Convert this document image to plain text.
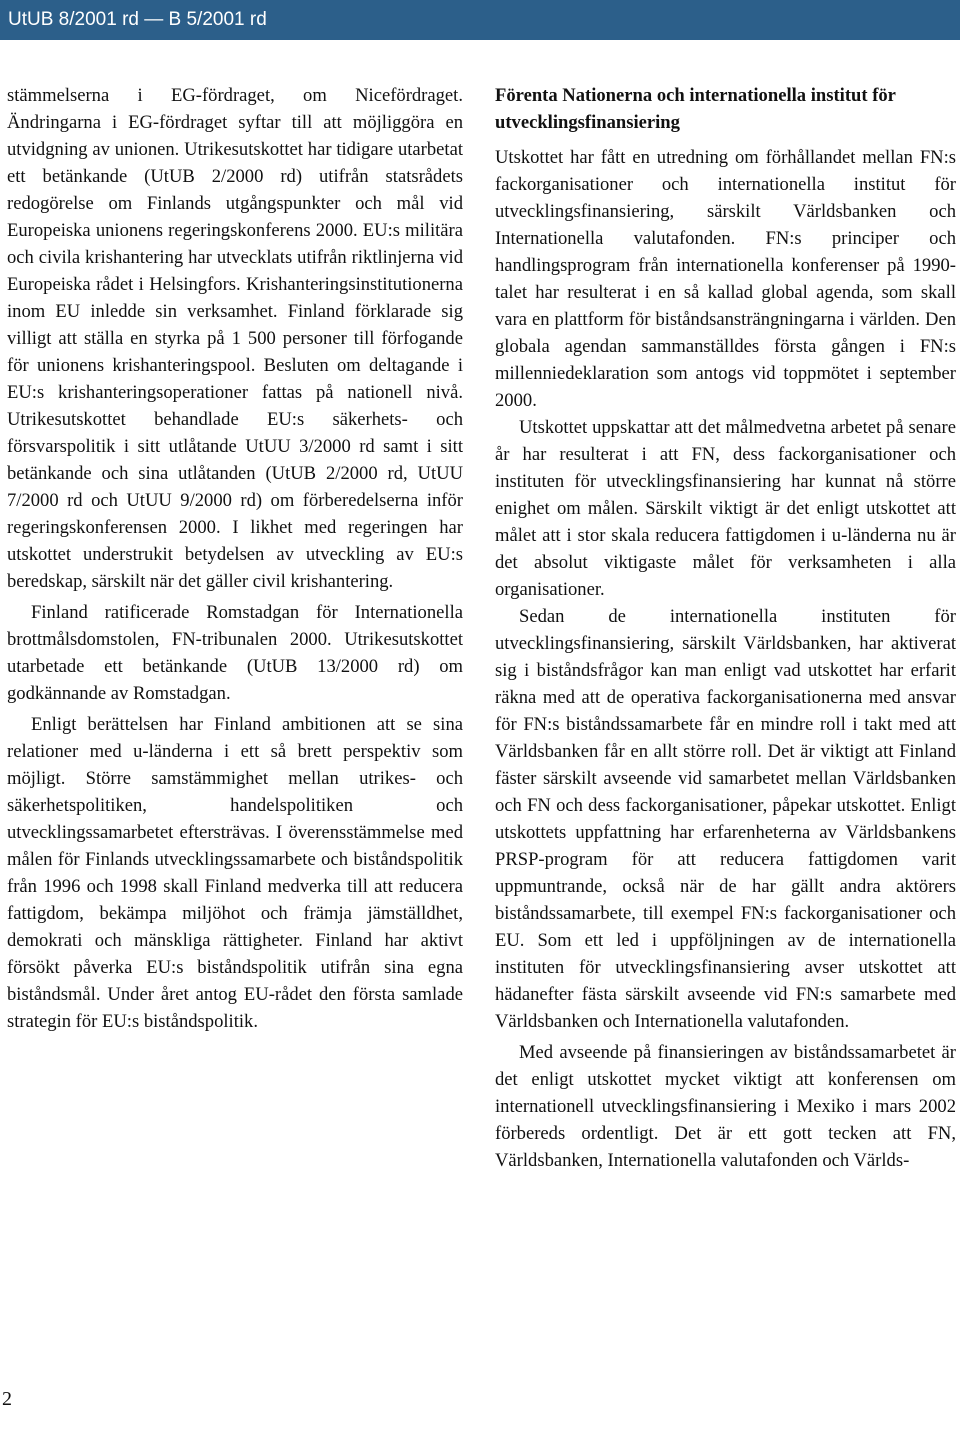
UtUB 8/2001 rd — B 5/2001 rd

stämmelserna i EG-fördraget, om Nicefördraget. Ändringarna i EG-fördraget syftar till att möjliggöra en utvidgning av unionen. Utrikesutskottet har tidigare utarbetat ett betänkande (UtUB 2/2000 rd) utifrån statsrådets redogörelse om Finlands utgångspunkter och mål vid Europeiska unionens regeringskonferens 2000. EU:s militära och civila krishantering har utvecklats utifrån riktlinjerna vid Europeiska rådet i Helsingfors. Krishanteringsinstitutionerna inom EU inledde sin verksamhet. Finland förklarade sig villigt att ställa en styrka på 1 500 personer till förfogande för unionens krishanteringspool. Besluten om deltagande i EU:s krishanteringsoperationer fattas på nationell nivå. Utrikesutskottet behandlade EU:s säkerhets- och försvarspolitik i sitt utlåtande UtUU 3/2000 rd samt i sitt betänkande och sina utlåtanden (UtUB 2/2000 rd, UtUU 7/2000 rd och UtUU 9/2000 rd) om förberedelserna inför regeringskonferensen 2000. I likhet med regeringen har utskottet understrukit betydelsen av utveckling av EU:s beredskap, särskilt när det gäller civil krishantering.

Finland ratificerade Romstadgan för Internationella brottmålsdomstolen, FN-tribunalen 2000. Utrikesutskottet utarbetade ett betänkande (UtUB 13/2000 rd) om godkännande av Romstadgan.

Enligt berättelsen har Finland ambitionen att se sina relationer med u-länderna i ett så brett perspektiv som möjligt. Större samstämmighet mellan utrikes- och säkerhetspolitiken, handelspolitiken och utvecklingssamarbetet eftersträvas. I överensstämmelse med målen för Finlands utvecklingssamarbete och biståndspolitik från 1996 och 1998 skall Finland medverka till att reducera fattigdom, bekämpa miljöhot och främja jämställdhet, demokrati och mänskliga rättigheter. Finland har aktivt försökt påverka EU:s biståndspolitik utifrån sina egna biståndsmål. Under året antog EU-rådet den första samlade strategin för EU:s biståndspolitik.

Förenta Nationerna och internationella institut för utvecklingsfinansiering

Utskottet har fått en utredning om förhållandet mellan FN:s fackorganisationer och internationella institut för utvecklingsfinansiering, särskilt Världsbanken och Internationella valutafonden. FN:s principer och handlingsprogram från internationella konferenser på 1990-talet har resulterat i en så kallad global agenda, som skall vara en plattform för biståndsansträngningarna i världen. Den globala agendan sammanställdes första gången i FN:s millenniedeklaration som antogs vid toppmötet i september 2000.

Utskottet uppskattar att det målmedvetna arbetet på senare år har resulterat i att FN, dess fackorganisationer och instituten för utvecklingsfinansiering har kunnat nå större enighet om målen. Särskilt viktigt är det enligt utskottet att målet att i stor skala reducera fattigdomen i u-länderna nu är det absolut viktigaste målet för verksamheten i alla organisationer.

Sedan de internationella instituten för utvecklingsfinansiering, särskilt Världsbanken, har aktiverat sig i biståndsfrågor kan man enligt vad utskottet har erfarit räkna med att de operativa fackorganisationerna med ansvar för FN:s biståndssamarbete får en mindre roll i takt med att Världsbanken får en allt större roll. Det är viktigt att Finland fäster särskilt avseende vid samarbetet mellan Världsbanken och FN och dess fackorganisationer, påpekar utskottet. Enligt utskottets uppfattning har erfarenheterna av Världsbankens PRSP-program för att reducera fattigdomen varit uppmuntrande, också när de har gällt andra aktörers biståndssamarbete, till exempel FN:s fackorganisationer och EU. Som ett led i uppföljningen av de internationella instituten för utvecklingsfinansiering avser utskottet att hädanefter fästa särskilt avseende vid FN:s samarbete med Världsbanken och Internationella valutafonden.

Med avseende på finansieringen av biståndssamarbetet är det enligt utskottet mycket viktigt att konferensen om internationell utvecklingsfinansiering i Mexiko i mars 2002 förbereds ordentligt. Det är ett gott tecken att FN, Världsbanken, Internationella valutafonden och Världs-

2
